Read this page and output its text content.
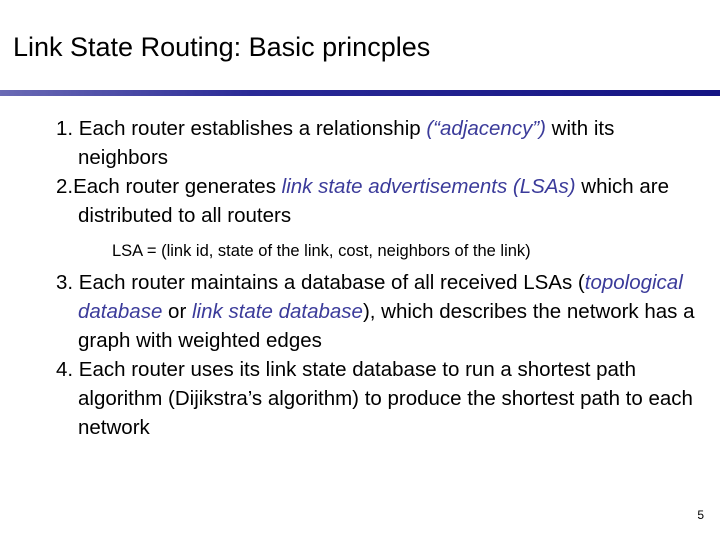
Link State Routing: Basic princples

1. Each router establishes a relationship (“adjacency”) with its neighbors

2.Each router generates link state advertisements (LSAs) which are distributed to all routers

LSA = (link id, state of the link, cost, neighbors of the link)

3. Each router maintains a database of all received LSAs (topological database or link state database), which describes the network has a graph with weighted edges

4. Each router uses its link state database to run a shortest path algorithm (Dijikstra’s algorithm) to produce the shortest path to each network

5
